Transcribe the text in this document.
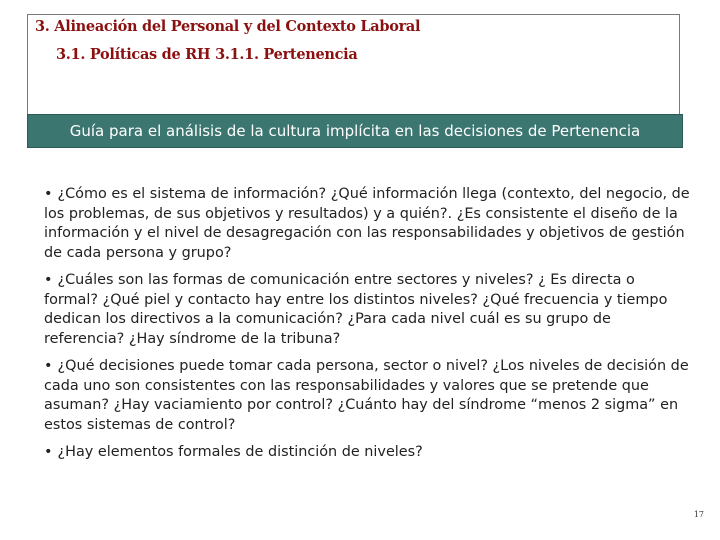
3. Alineación del Personal y del Contexto Laboral
3.1. Políticas de RH 3.1.1. Pertenencia
Guía para el análisis de la cultura implícita en las decisiones de Pertenencia

• ¿Cómo es el sistema de información? ¿Qué información llega (contexto, del negocio, de los problemas, de sus objetivos y resultados) y a quién?. ¿Es consistente el diseño de la información y el nivel de desagregación con las responsabilidades y objetivos de gestión de cada persona y grupo?

• ¿Cuáles son las formas de comunicación entre sectores y niveles? ¿ Es directa o formal? ¿Qué piel y contacto hay entre los distintos niveles? ¿Qué frecuencia y tiempo dedican los directivos a la comunicación? ¿Para cada nivel cuál es su grupo de referencia? ¿Hay síndrome de la tribuna?

• ¿Qué decisiones puede tomar cada persona, sector o nivel? ¿Los niveles de decisión de cada uno son consistentes con las responsabilidades y valores que se pretende que asuman? ¿Hay vaciamiento por control? ¿Cuánto hay del síndrome “menos 2 sigma” en estos sistemas de control?

• ¿Hay elementos formales de distinción de niveles?

17
